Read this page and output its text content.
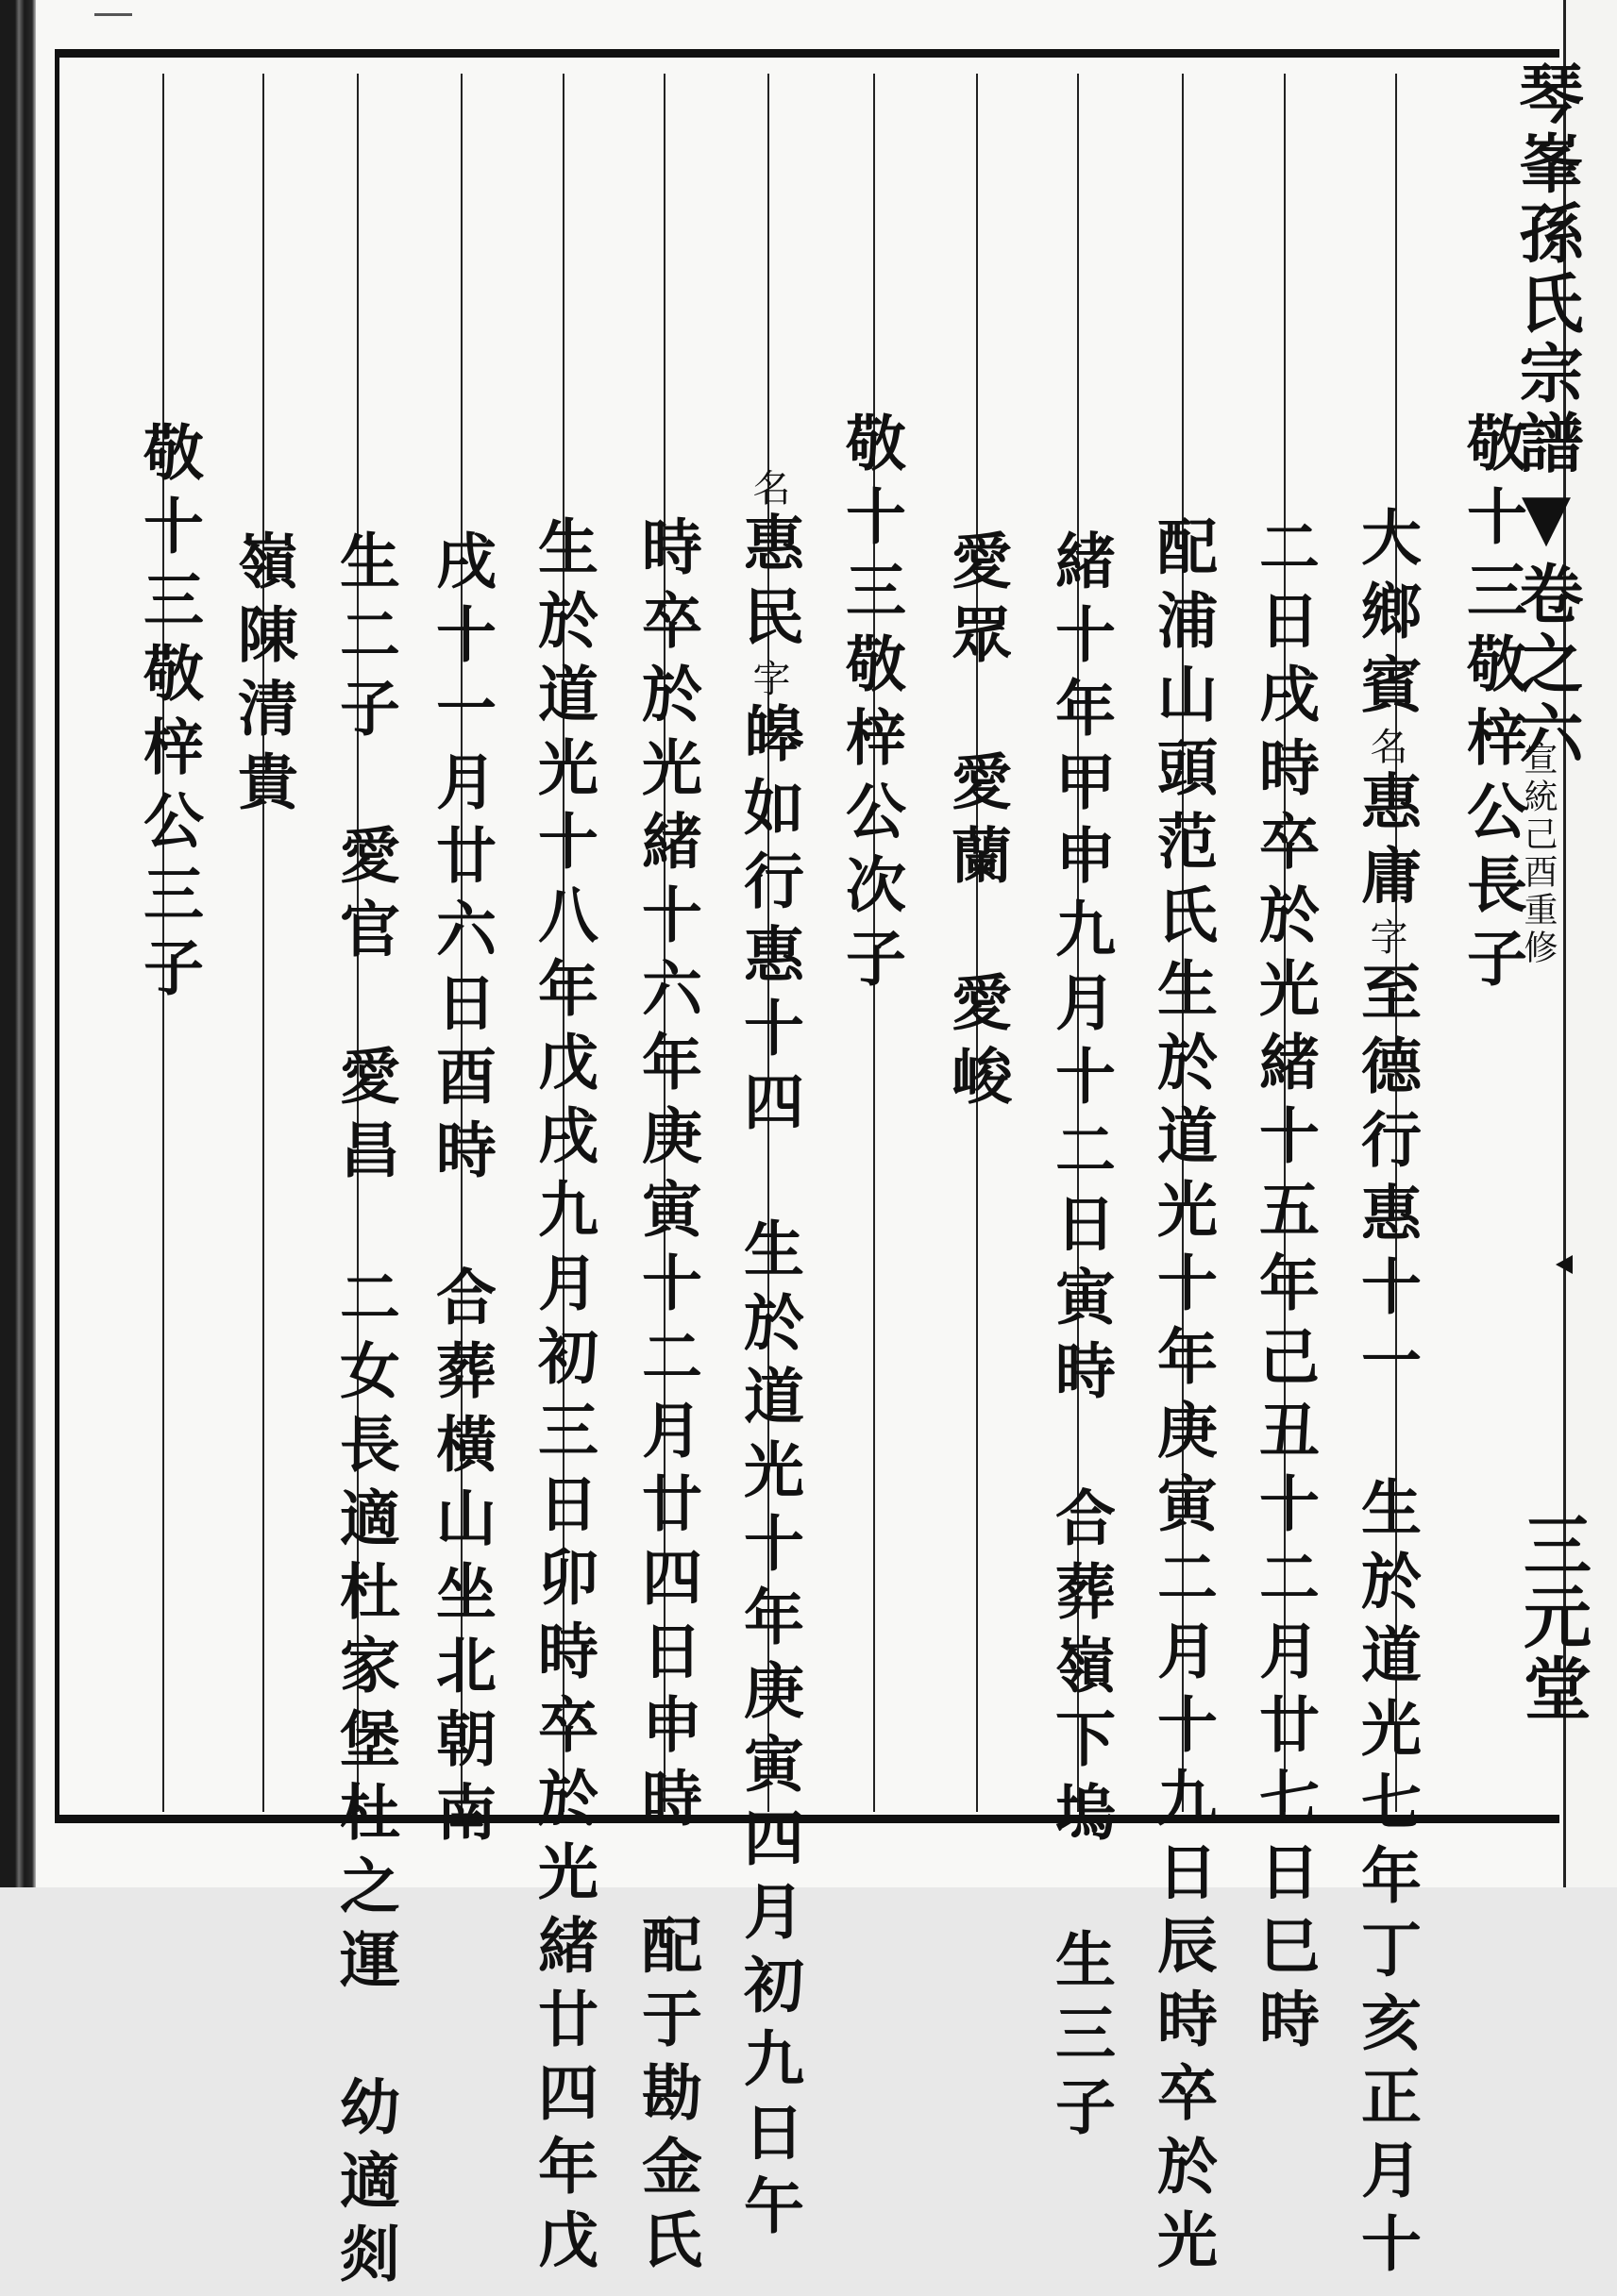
琴峯孫氏宗譜▼卷之六
宣統己酉重修
三元堂

敬十三敬梓公長子

大鄉賓名惠庸字至德行惠十一　生於道光七年丁亥正月十

二日戌時卒於光緒十五年己丑十二月廿七日巳時

配浦山頭范氏生於道光十年庚寅二月十九日辰時卒於光

緒十年甲申九月十二日寅時　合葬嶺下塢　生三子

愛眾　愛蘭　愛峻

敬十三敬梓公次子

名惠民字皞如行惠十四　生於道光十年庚寅四月初九日午

時卒於光緒十六年庚寅十二月廿四日申時　配于勘金氏

生於道光十八年戊戌九月初三日卯時卒於光緒廿四年戊

戌十一月廿六日酉時　合葬橫山坐北朝南

生二子　愛官　愛昌　二女長適杜家堡杜之運　幼適剡

嶺陳清貴

敬十三敬梓公三子
